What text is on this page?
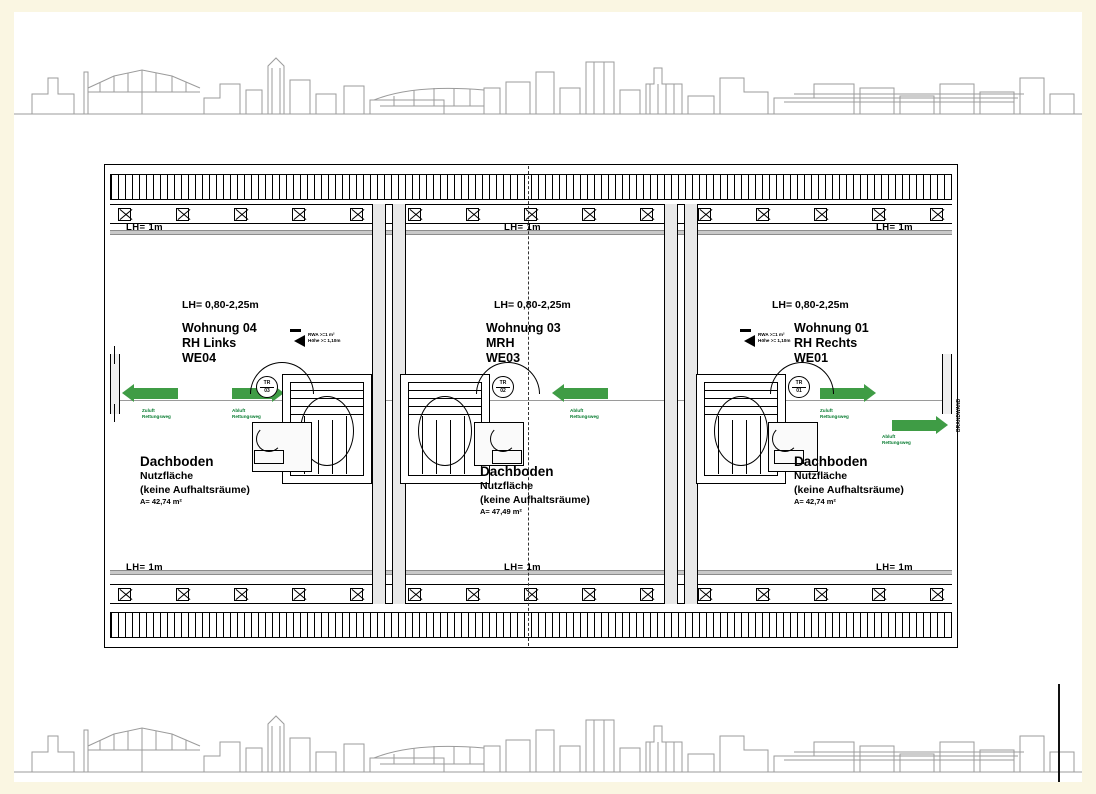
LH= 1m	LH= 1m	LH= 1m
LH= 1m	LH= 1m	LH= 1m
LH= 0,80-2,25m	LH= 0,80-2,25m	LH= 0,80-2,25m
Wohnung 04
RH Links
WE04
Wohnung 03
MRH
WE03
Wohnung 01
RH Rechts
WE01
RWA >=1 m²
Höhe >= 1,10m

RWA >=1 m²
Höhe >= 1,10m
Zuluft
Rettungsweg
Abluft
Rettungsweg
Abluft
Rettungsweg
Zuluft
Rettungsweg
Abluft
Rettungsweg
TR
03
TR
02
TR
01
Dachboden
Nutzfläche
(keine Aufhaltsräume)
A= 42,74 m²
Dachboden
Nutzfläche
(keine Aufhaltsräume)
A= 47,49 m²
Dachboden
Nutzfläche
(keine Aufhaltsräume)
A= 42,74 m²
BRANDWAND
